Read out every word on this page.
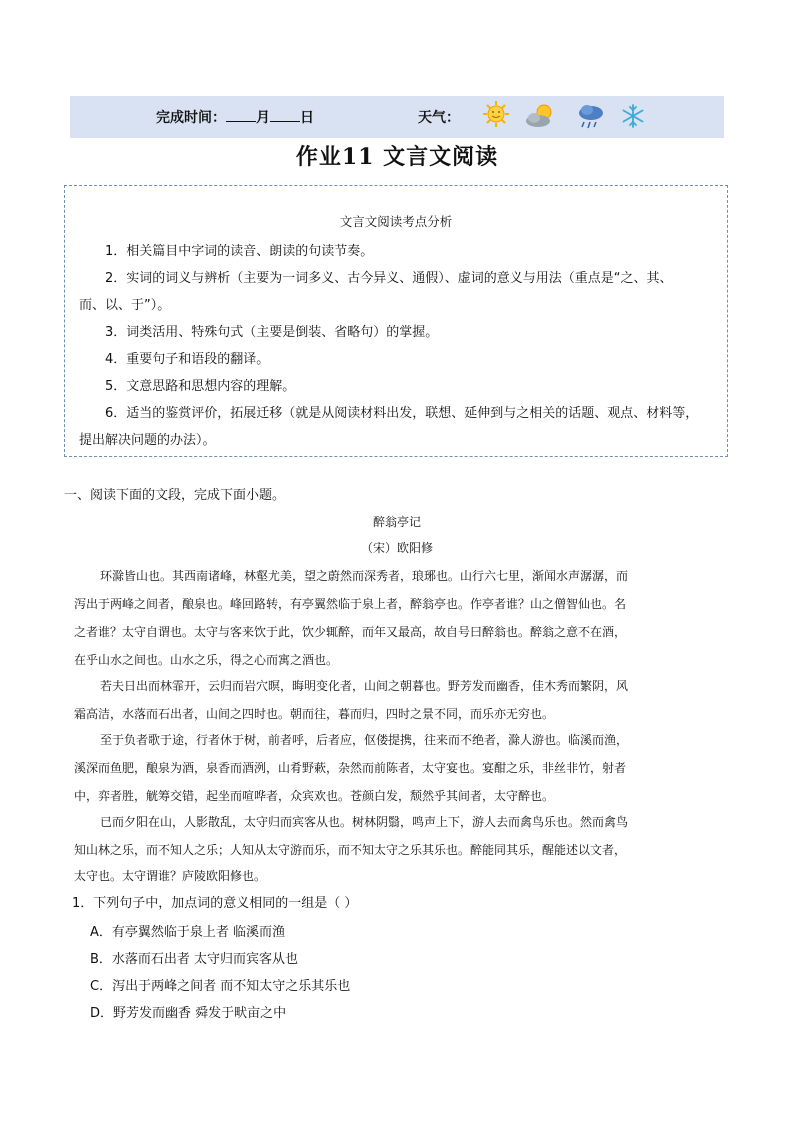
完成时间： 月 日	天气：
作业11 文言文阅读
文言文阅读考点分析
1．相关篇目中字词的读音、朗读的句读节奏。
2．实词的词义与辨析（主要为一词多义、古今异义、通假）、虚词的意义与用法（重点是“之、其、
而、以、于”）。
3．词类活用、特殊句式（主要是倒装、省略句）的掌握。
4．重要句子和语段的翻译。
5．文意思路和思想内容的理解。
6．适当的鉴赏评价，拓展迁移（就是从阅读材料出发，联想、延伸到与之相关的话题、观点、材料等，
提出解决问题的办法）。
一、阅读下面的文段，完成下面小题。
醉翁亭记
（宋）欧阳修
环滁皆山也。其西南诸峰，林壑尤美，望之蔚然而深秀者，琅琊也。山行六七里，渐闻水声潺潺，而
泻出于两峰之间者，酿泉也。峰回路转，有亭翼然临于泉上者，醉翁亭也。作亭者谁？山之僧智仙也。名
之者谁？太守自谓也。太守与客来饮于此，饮少辄醉，而年又最高，故自号曰醉翁也。醉翁之意不在酒，
在乎山水之间也。山水之乐，得之心而寓之酒也。
若夫日出而林霏开，云归而岩穴暝，晦明变化者，山间之朝暮也。野芳发而幽香，佳木秀而繁阴，风
霜高洁，水落而石出者，山间之四时也。朝而往，暮而归，四时之景不同，而乐亦无穷也。
至于负者歌于途，行者休于树，前者呼，后者应，伛偻提携，往来而不绝者，滁人游也。临溪而渔，
溪深而鱼肥，酿泉为酒，泉香而酒洌，山肴野蔌，杂然而前陈者，太守宴也。宴酣之乐，非丝非竹，射者
中，弈者胜，觥筹交错，起坐而喧哗者，众宾欢也。苍颜白发，颓然乎其间者，太守醉也。
已而夕阳在山，人影散乱，太守归而宾客从也。树林阴翳，鸣声上下，游人去而禽鸟乐也。然而禽鸟
知山林之乐，而不知人之乐；人知从太守游而乐，而不知太守之乐其乐也。醉能同其乐，醒能述以文者，
太守也。太守谓谁？庐陵欧阳修也。
1．下列句子中，加点词的意义相同的一组是（ ）
A．有亭翼然临于泉上者 临溪而渔
B．水落而石出者 太守归而宾客从也
C．泻出于两峰之间者 而不知太守之乐其乐也
D．野芳发而幽香 舜发于畎亩之中
